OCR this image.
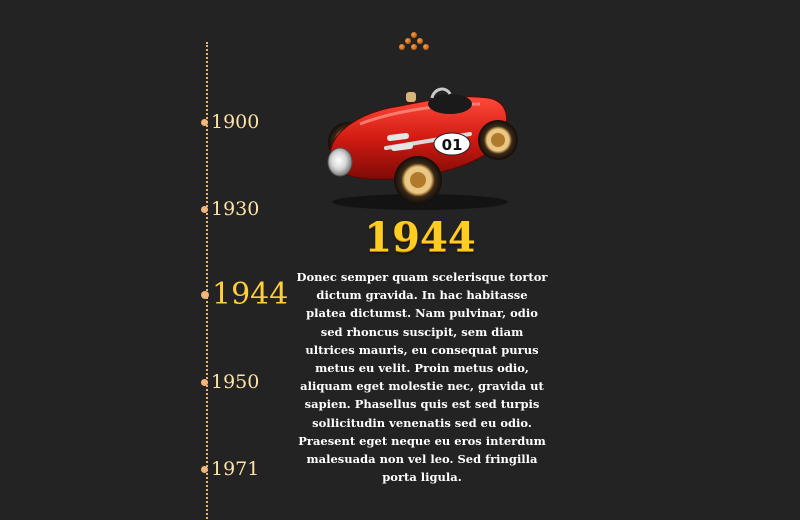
1900
1930
1944
1950
1971
01
1944
Donec semper quam scelerisque tortor dictum gravida. In hac habitasse platea dictumst. Nam pulvinar, odio sed rhoncus suscipit, sem diam ultrices mauris, eu consequat purus metus eu velit. Proin metus odio, aliquam eget molestie nec, gravida ut sapien. Phasellus quis est sed turpis sollicitudin venenatis sed eu odio. Praesent eget neque eu eros interdum malesuada non vel leo. Sed fringilla porta ligula.
